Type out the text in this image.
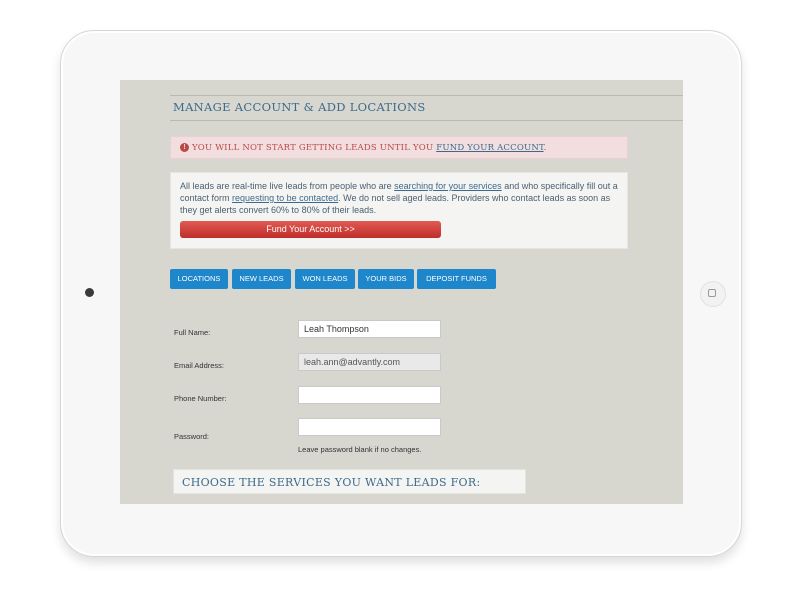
MANAGE ACCOUNT & ADD LOCATIONS
! YOU WILL NOT START GETTING LEADS UNTIL YOU FUND YOUR ACCOUNT.
All leads are real-time live leads from people who are searching for your services and who specifically fill out a contact form requesting to be contacted. We do not sell aged leads. Providers who contact leads as soon as they get alerts convert 60% to 80% of their leads.
Fund Your Account >>
LOCATIONS	NEW LEADS	WON LEADS	YOUR BIDS	DEPOSIT FUNDS
Full Name:	Leah Thompson
Email Address:	leah.ann@advantly.com
Phone Number:
Password:
Leave password blank if no changes.
CHOOSE THE SERVICES YOU WANT LEADS FOR:
